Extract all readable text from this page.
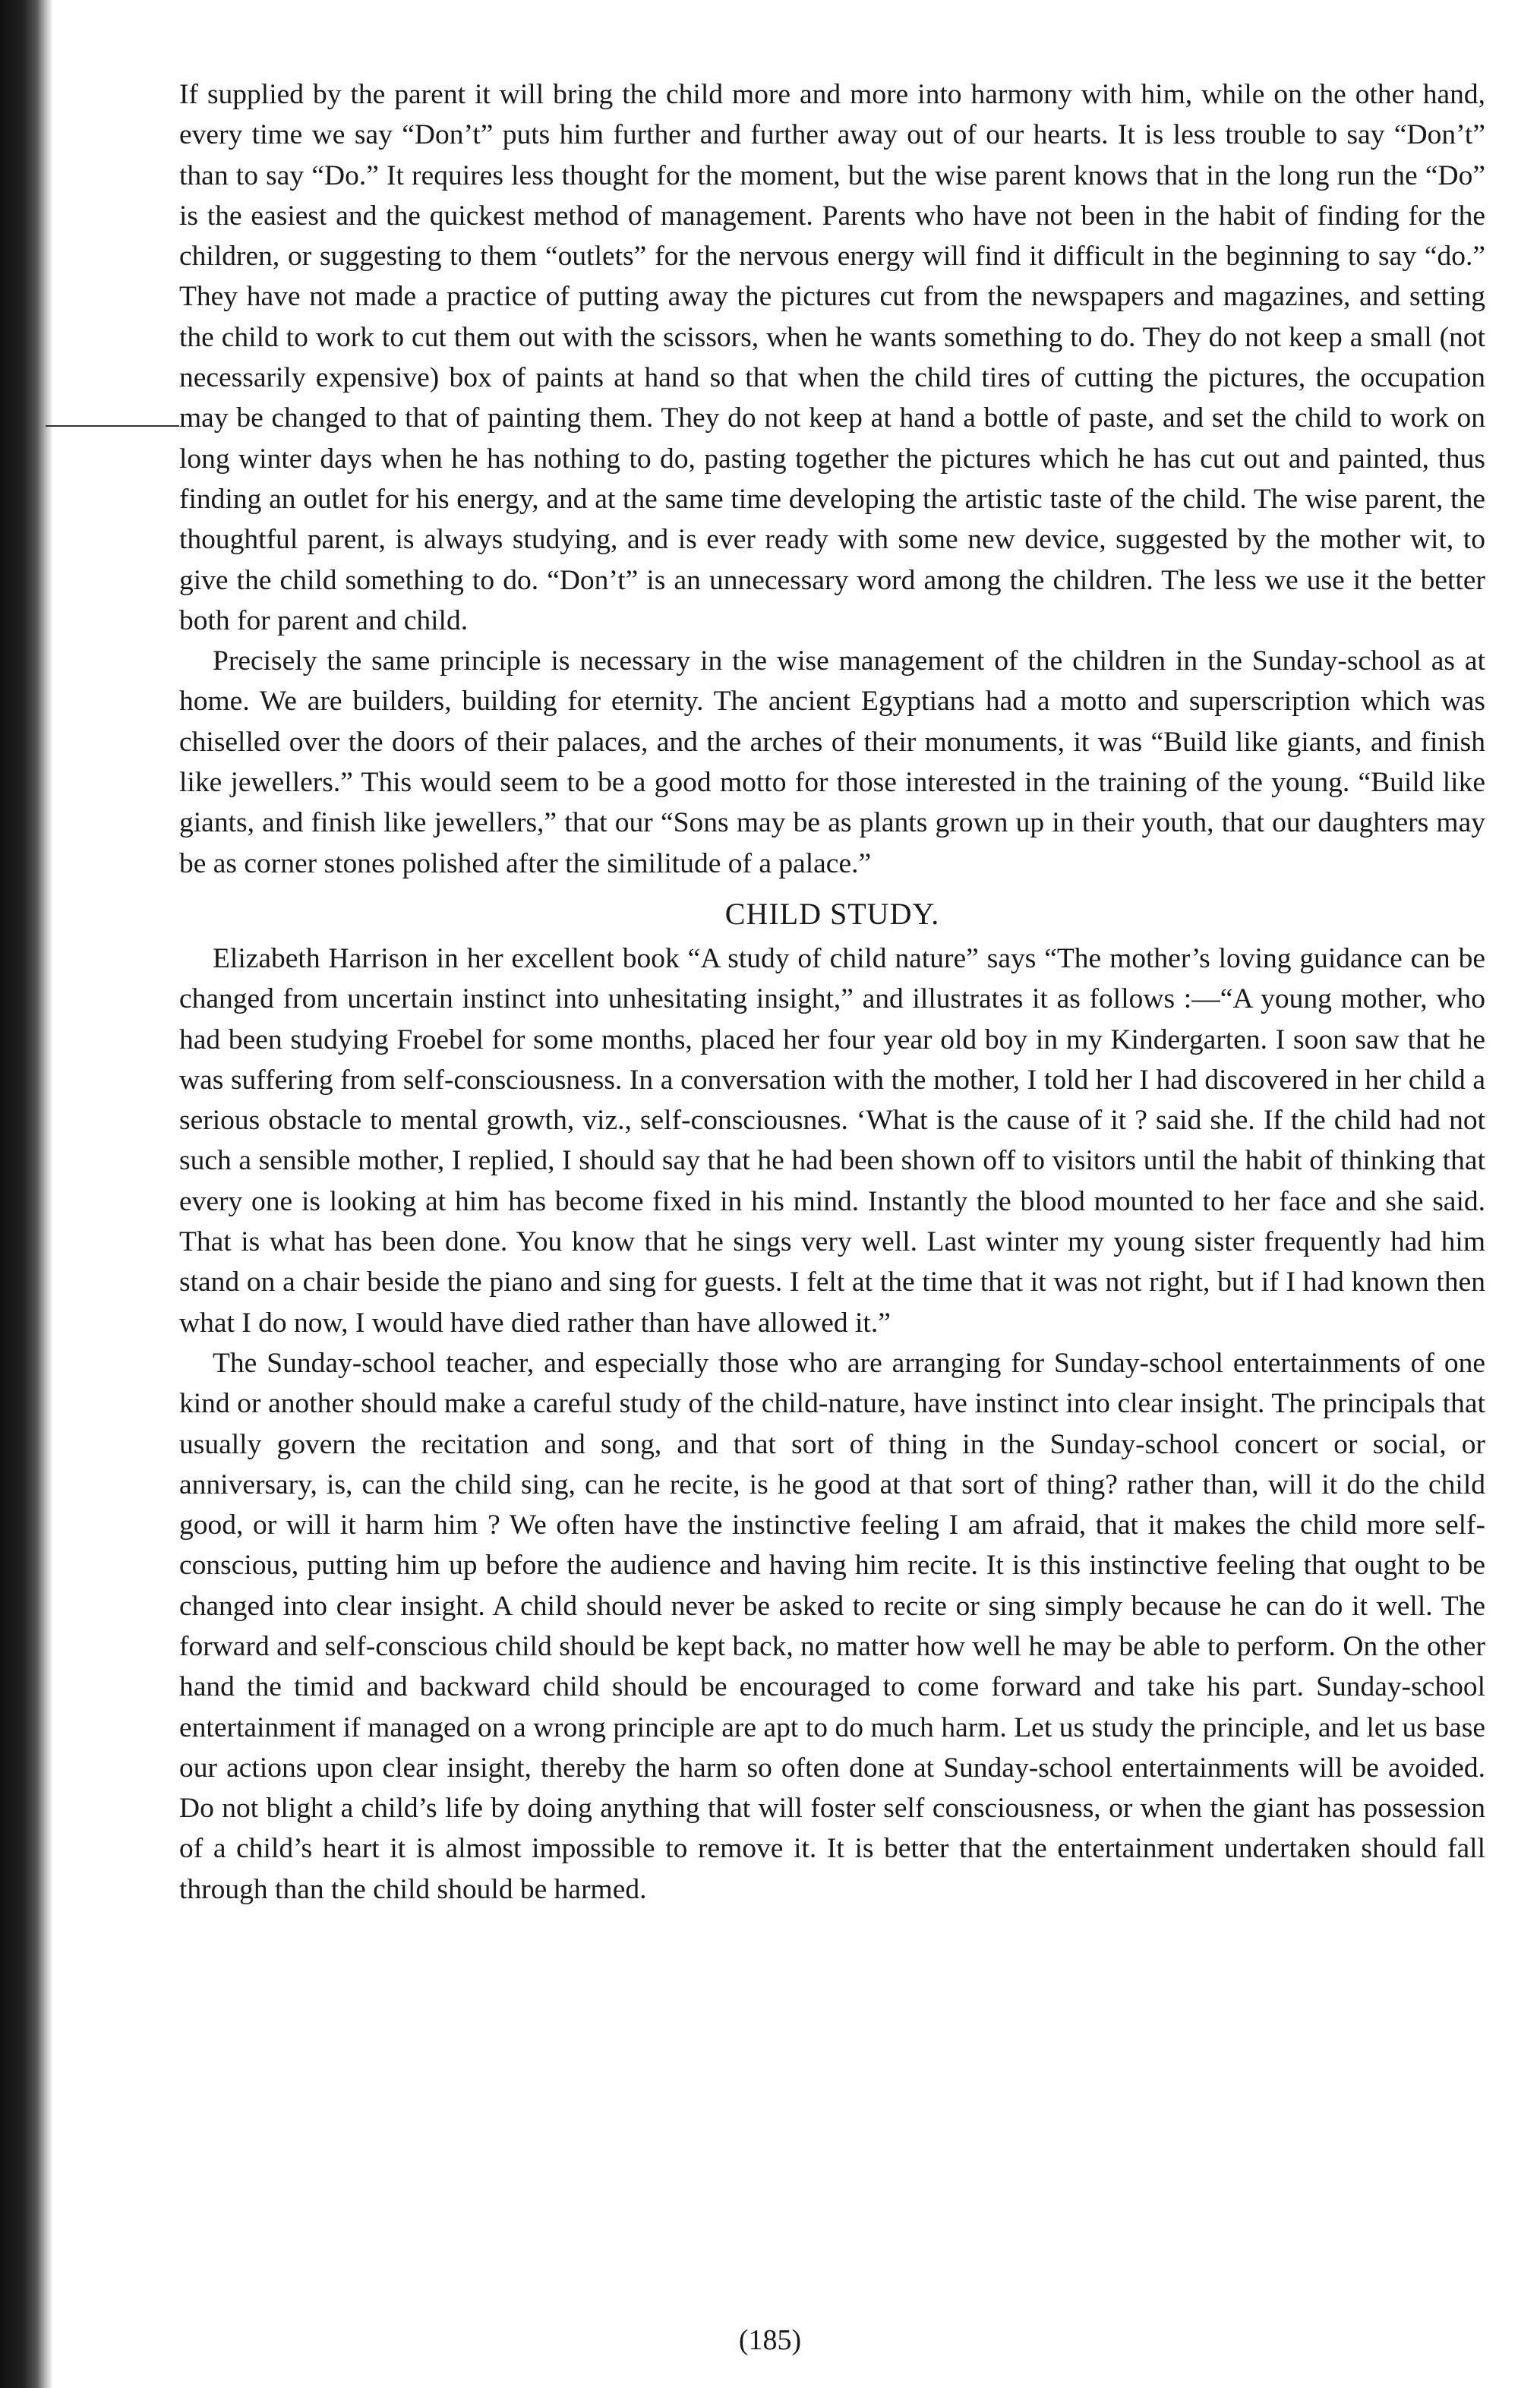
If supplied by the parent it will bring the child more and more into harmony with him, while on the other hand, every time we say “Don’t” puts him further and further away out of our hearts. It is less trouble to say “Don’t” than to say “Do.” It requires less thought for the moment, but the wise parent knows that in the long run the “Do” is the easiest and the quickest method of management. Parents who have not been in the habit of finding for the children, or suggesting to them “outlets” for the nervous energy will find it difficult in the beginning to say “do.” They have not made a practice of putting away the pictures cut from the newspapers and magazines, and setting the child to work to cut them out with the scissors, when he wants something to do. They do not keep a small (not necessarily expensive) box of paints at hand so that when the child tires of cutting the pictures, the occupation may be changed to that of painting them. They do not keep at hand a bottle of paste, and set the child to work on long winter days when he has nothing to do, pasting together the pictures which he has cut out and painted, thus finding an outlet for his energy, and at the same time developing the artistic taste of the child. The wise parent, the thoughtful parent, is always studying, and is ever ready with some new device, suggested by the mother wit, to give the child something to do. “Don’t” is an unnecessary word among the children. The less we use it the better both for parent and child.

Precisely the same principle is necessary in the wise management of the children in the Sunday-school as at home. We are builders, building for eternity. The ancient Egyptians had a motto and superscription which was chiselled over the doors of their palaces, and the arches of their monuments, it was “Build like giants, and finish like jewellers.” This would seem to be a good motto for those interested in the training of the young. “Build like giants, and finish like jewellers,” that our “Sons may be as plants grown up in their youth, that our daughters may be as corner stones polished after the similitude of a palace.”

CHILD STUDY.

Elizabeth Harrison in her excellent book “A study of child nature” says “The mother’s loving guidance can be changed from uncertain instinct into unhesitating insight,” and illustrates it as follows :—“A young mother, who had been studying Froebel for some months, placed her four year old boy in my Kindergarten. I soon saw that he was suffering from self-consciousness. In a conversation with the mother, I told her I had discovered in her child a serious obstacle to mental growth, viz., self-consciousnes. ‘What is the cause of it ? said she. If the child had not such a sensible mother, I replied, I should say that he had been shown off to visitors until the habit of thinking that every one is looking at him has become fixed in his mind. Instantly the blood mounted to her face and she said. That is what has been done. You know that he sings very well. Last winter my young sister frequently had him stand on a chair beside the piano and sing for guests. I felt at the time that it was not right, but if I had known then what I do now, I would have died rather than have allowed it.”

The Sunday-school teacher, and especially those who are arranging for Sunday-school entertainments of one kind or another should make a careful study of the child-nature, have instinct into clear insight. The principals that usually govern the recitation and song, and that sort of thing in the Sunday-school concert or social, or anniversary, is, can the child sing, can he recite, is he good at that sort of thing? rather than, will it do the child good, or will it harm him ? We often have the instinctive feeling I am afraid, that it makes the child more self-conscious, putting him up before the audience and having him recite. It is this instinctive feeling that ought to be changed into clear insight. A child should never be asked to recite or sing simply because he can do it well. The forward and self-conscious child should be kept back, no matter how well he may be able to perform. On the other hand the timid and backward child should be encouraged to come forward and take his part. Sunday-school entertainment if managed on a wrong principle are apt to do much harm. Let us study the principle, and let us base our actions upon clear insight, thereby the harm so often done at Sunday-school entertainments will be avoided. Do not blight a child’s life by doing anything that will foster self consciousness, or when the giant has possession of a child’s heart it is almost impossible to remove it. It is better that the entertainment undertaken should fall through than the child should be harmed.

(185)
